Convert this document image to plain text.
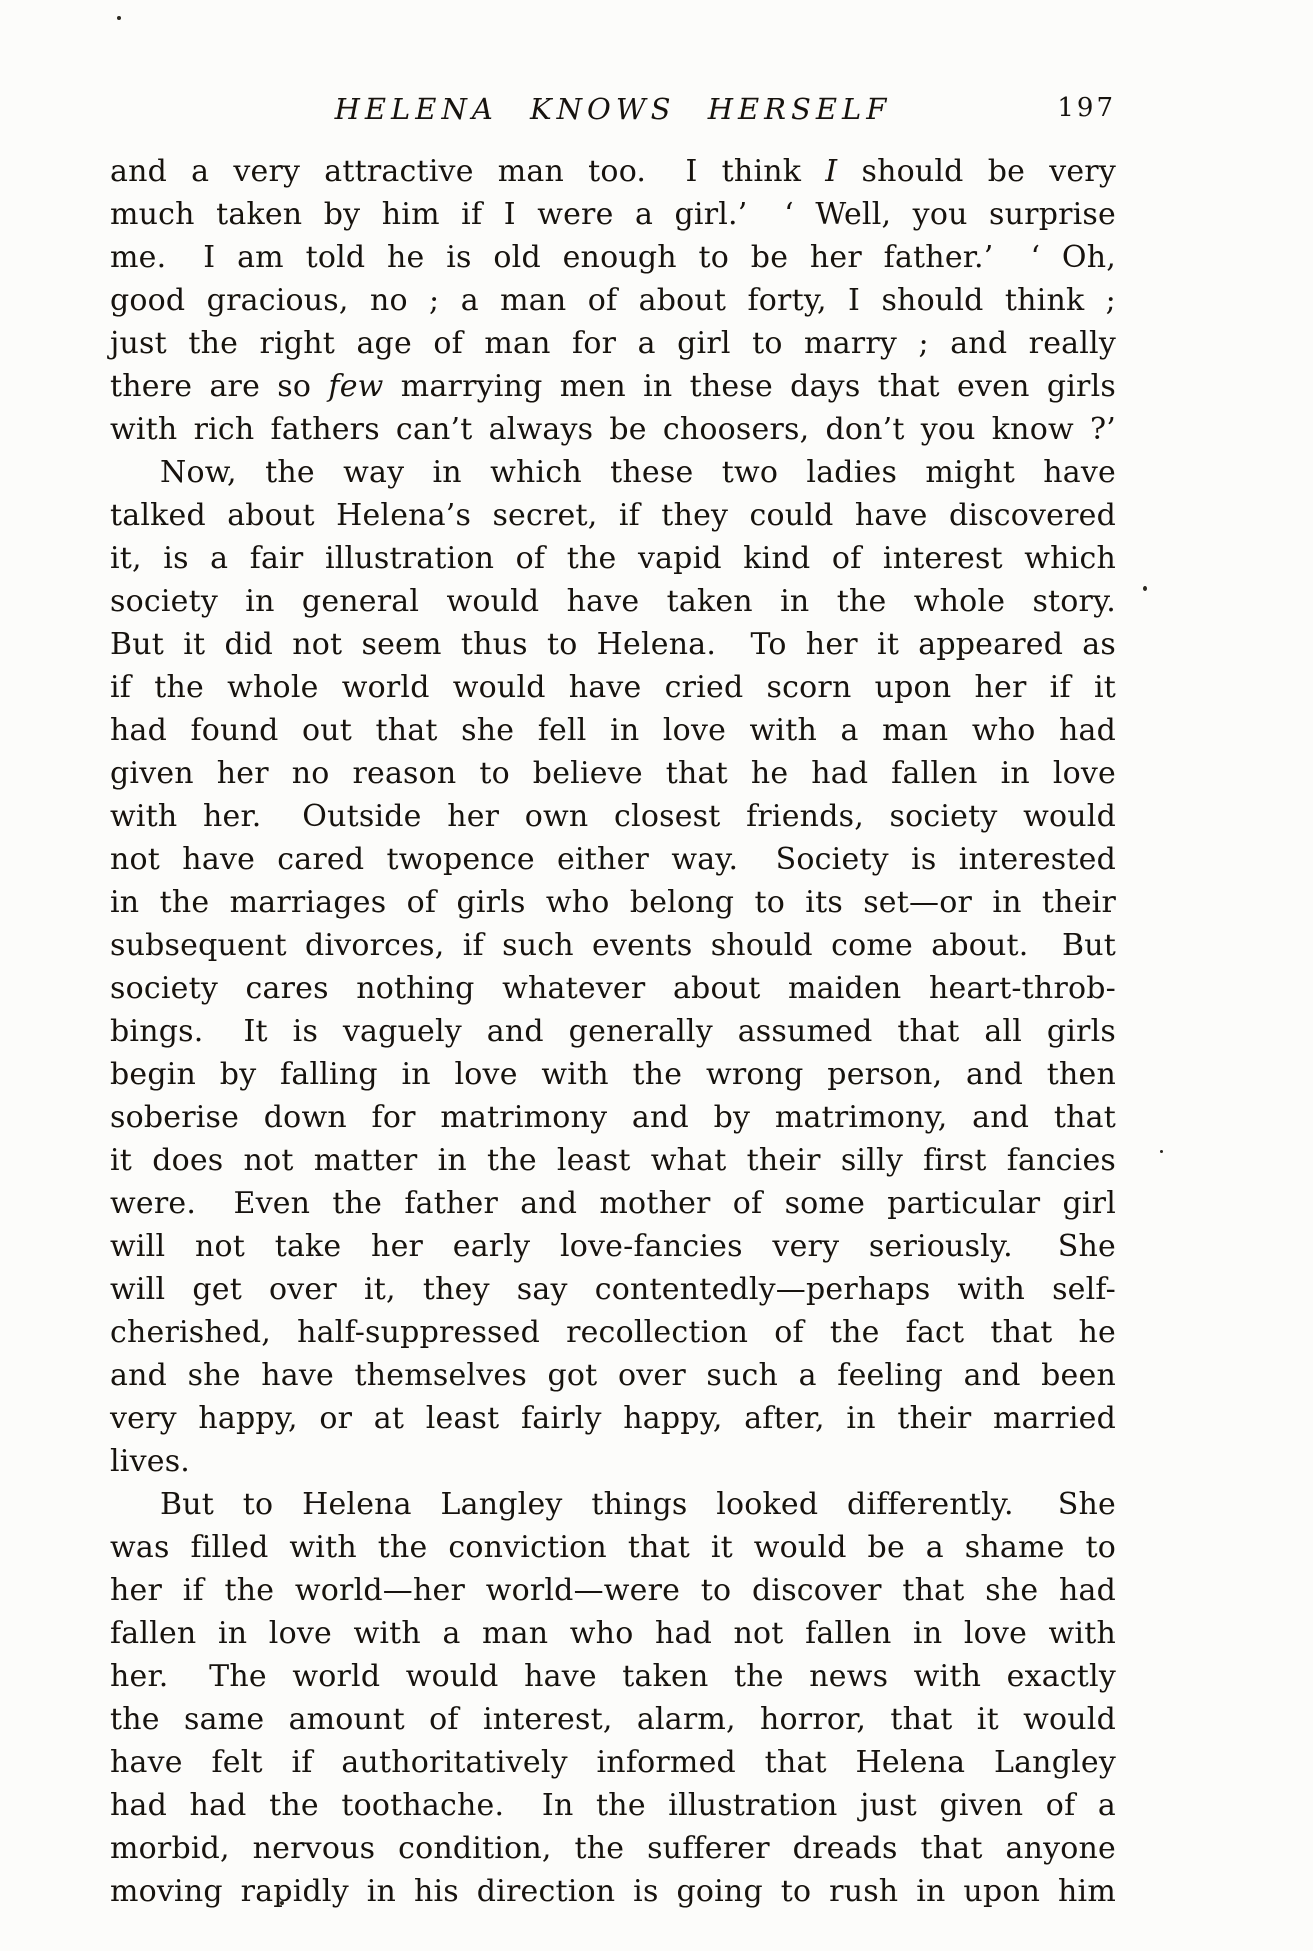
HELENA KNOWS HERSELF	197
and a very attractive man too.  I think I should be very
much taken by him if I were a girl.’  ‘ Well, you surprise
me.  I am told he is old enough to be her father.’  ‘ Oh,
good gracious, no ; a man of about forty, I should think ;
just the right age of man for a girl to marry ; and really
there are so few marrying men in these days that even girls
with rich fathers can’t always be choosers, don’t you know ?’
Now, the way in which these two ladies might have
talked about Helena’s secret, if they could have discovered
it, is a fair illustration of the vapid kind of interest which
society in general would have taken in the whole story.
But it did not seem thus to Helena.  To her it appeared as
if the whole world would have cried scorn upon her if it
had found out that she fell in love with a man who had
given her no reason to believe that he had fallen in love
with her.  Outside her own closest friends, society would
not have cared twopence either way.  Society is interested
in the marriages of girls who belong to its set—or in their
subsequent divorces, if such events should come about.  But
society cares nothing whatever about maiden heart-throb-
bings.  It is vaguely and generally assumed that all girls
begin by falling in love with the wrong person, and then
soberise down for matrimony and by matrimony, and that
it does not matter in the least what their silly first fancies
were.  Even the father and mother of some particular girl
will not take her early love-fancies very seriously.  She
will get over it, they say contentedly—perhaps with self-
cherished, half-suppressed recollection of the fact that he
and she have themselves got over such a feeling and been
very happy, or at least fairly happy, after, in their married
lives.
But to Helena Langley things looked differently.  She
was filled with the conviction that it would be a shame to
her if the world—her world—were to discover that she had
fallen in love with a man who had not fallen in love with
her.  The world would have taken the news with exactly
the same amount of interest, alarm, horror, that it would
have felt if authoritatively informed that Helena Langley
had had the toothache.  In the illustration just given of a
morbid, nervous condition, the sufferer dreads that anyone
moving rapidly in his direction is going to rush in upon him
